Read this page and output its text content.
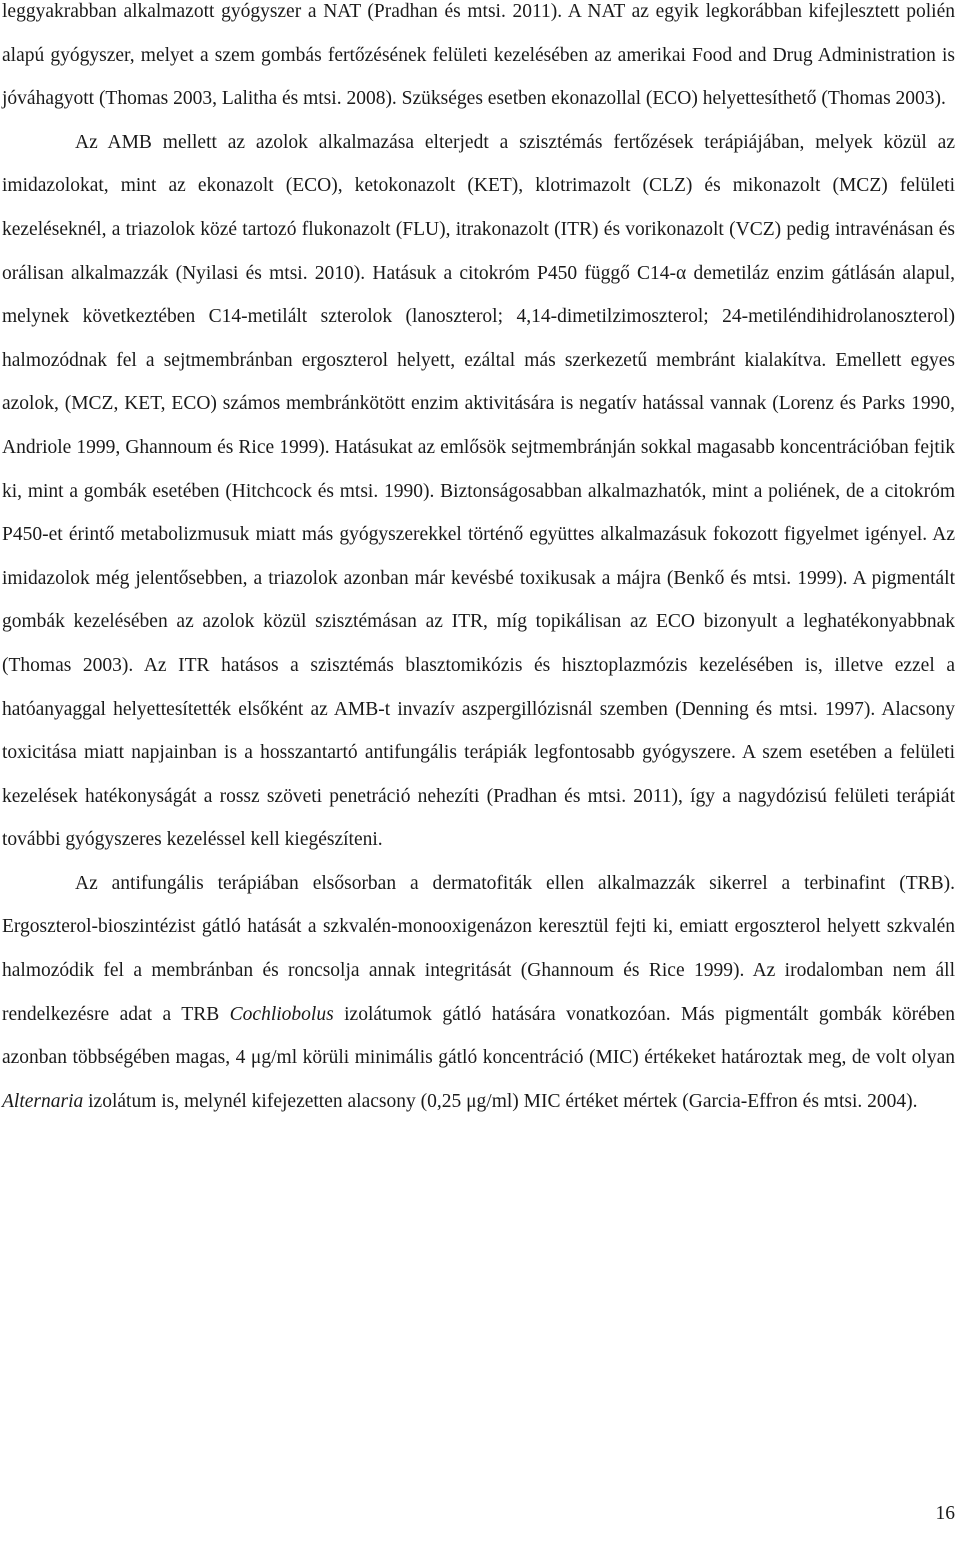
leggyakrabban alkalmazott gyógyszer a NAT (Pradhan és mtsi. 2011). A NAT az egyik legkorábban kifejlesztett polién alapú gyógyszer, melyet a szem gombás fertőzésének felületi kezelésében az amerikai Food and Drug Administration is jóváhagyott (Thomas 2003, Lalitha és mtsi. 2008). Szükséges esetben ekonazollal (ECO) helyettesíthető (Thomas 2003).

Az AMB mellett az azolok alkalmazása elterjedt a szisztémás fertőzések terápiájában, melyek közül az imidazolokat, mint az ekonazolt (ECO), ketokonazolt (KET), klotrimazolt (CLZ) és mikonazolt (MCZ) felületi kezeléseknél, a triazolok közé tartozó flukonazolt (FLU), itrakonazolt (ITR) és vorikonazolt (VCZ) pedig intravénásan és orálisan alkalmazzák (Nyilasi és mtsi. 2010). Hatásuk a citokróm P450 függő C14-α demetiláz enzim gátlásán alapul, melynek következtében C14-metilált szterolok (lanoszterol; 4,14-dimetilzimoszterol; 24-metiléndihidrolanoszterol) halmozódnak fel a sejtmembránban ergoszterol helyett, ezáltal más szerkezetű membránt kialakítva. Emellett egyes azolok, (MCZ, KET, ECO) számos membránkötött enzim aktivitására is negatív hatással vannak (Lorenz és Parks 1990, Andriole 1999, Ghannoum és Rice 1999). Hatásukat az emlősök sejtmembránján sokkal magasabb koncentrációban fejtik ki, mint a gombák esetében (Hitchcock és mtsi. 1990). Biztonságosabban alkalmazhatók, mint a poliének, de a citokróm P450-et érintő metabolizmusuk miatt más gyógyszerekkel történő együttes alkalmazásuk fokozott figyelmet igényel. Az imidazolok még jelentősebben, a triazolok azonban már kevésbé toxikusak a májra (Benkő és mtsi. 1999). A pigmentált gombák kezelésében az azolok közül szisztémásan az ITR, míg topikálisan az ECO bizonyult a leghatékonyabbnak (Thomas 2003). Az ITR hatásos a szisztémás blasztomikózis és hisztoplazmózis kezelésében is, illetve ezzel a hatóanyaggal helyettesítették elsőként az AMB-t invazív aszpergillózisnál szemben (Denning és mtsi. 1997). Alacsony toxicitása miatt napjainban is a hosszantartó antifungális terápiák legfontosabb gyógyszere. A szem esetében a felületi kezelések hatékonyságát a rossz szöveti penetráció nehezíti (Pradhan és mtsi. 2011), így a nagydózisú felületi terápiát további gyógyszeres kezeléssel kell kiegészíteni.

Az antifungális terápiában elsősorban a dermatofiták ellen alkalmazzák sikerrel a terbinafint (TRB). Ergoszterol-bioszintézist gátló hatását a szkvalén-monooxigenázon keresztül fejti ki, emiatt ergoszterol helyett szkvalén halmozódik fel a membránban és roncsolja annak integritását (Ghannoum és Rice 1999). Az irodalomban nem áll rendelkezésre adat a TRB Cochliobolus izolátumok gátló hatására vonatkozóan. Más pigmentált gombák körében azonban többségében magas, 4 μg/ml körüli minimális gátló koncentráció (MIC) értékeket határoztak meg, de volt olyan Alternaria izolátum is, melynél kifejezetten alacsony (0,25 μg/ml) MIC értéket mértek (Garcia-Effron és mtsi. 2004).

16
